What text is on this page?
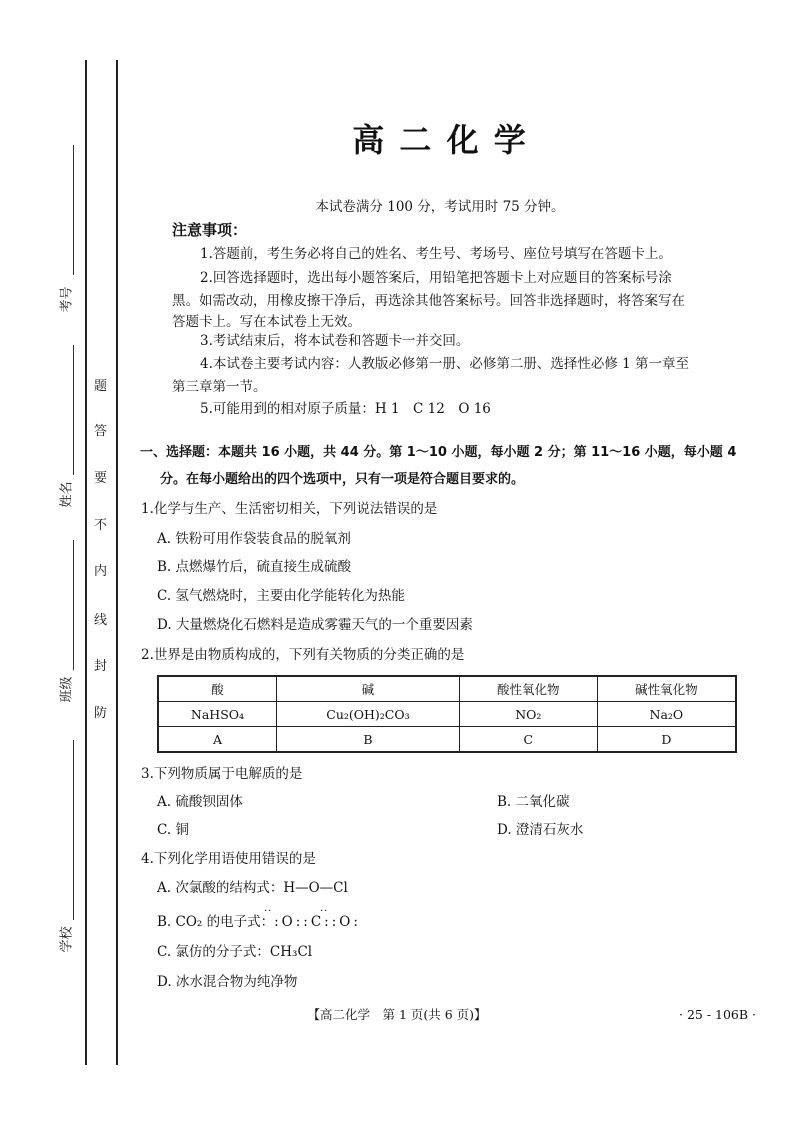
考号
姓名
班级
学校
防
封
线
内
不
要
答
题
高 二 化 学
本试卷满分 100 分，考试用时 75 分钟。
注意事项：
1.答题前，考生务必将自己的姓名、考生号、考场号、座位号填写在答题卡上。
2.回答选择题时，选出每小题答案后，用铅笔把答题卡上对应题目的答案标号涂
黑。如需改动，用橡皮擦干净后，再选涂其他答案标号。回答非选择题时，将答案写在
答题卡上。写在本试卷上无效。
3.考试结束后，将本试卷和答题卡一并交回。
4.本试卷主要考试内容：人教版必修第一册、必修第二册、选择性必修 1 第一章至
第三章第一节。
5.可能用到的相对原子质量：H 1　C 12　O 16
一、选择题：本题共 16 小题，共 44 分。第 1～10 小题，每小题 2 分；第 11～16 小题，每小题 4
分。在每小题给出的四个选项中，只有一项是符合题目要求的。
1.化学与生产、生活密切相关，下列说法错误的是
A. 铁粉可用作袋装食品的脱氧剂
B. 点燃爆竹后，硫直接生成硫酸
C. 氢气燃烧时，主要由化学能转化为热能
D. 大量燃烧化石燃料是造成雾霾天气的一个重要因素
2.世界是由物质构成的，下列有关物质的分类正确的是
酸	碱	酸性氧化物	碱性氧化物
NaHSO₄	Cu₂(OH)₂CO₃	NO₂	Na₂O
A	B	C	D
3.下列物质属于电解质的是
A. 硫酸钡固体	B. 二氧化碳
C. 铜	D. 澄清石灰水
4.下列化学用语使用错误的是
A. 次氯酸的结构式：H—O—Cl
B. CO₂ 的电子式：:O::C::O:
··	··
C. 氯仿的分子式：CH₃Cl
D. 冰水混合物为纯净物
【高二化学　第 1 页(共 6 页)】	· 25 - 106B ·
